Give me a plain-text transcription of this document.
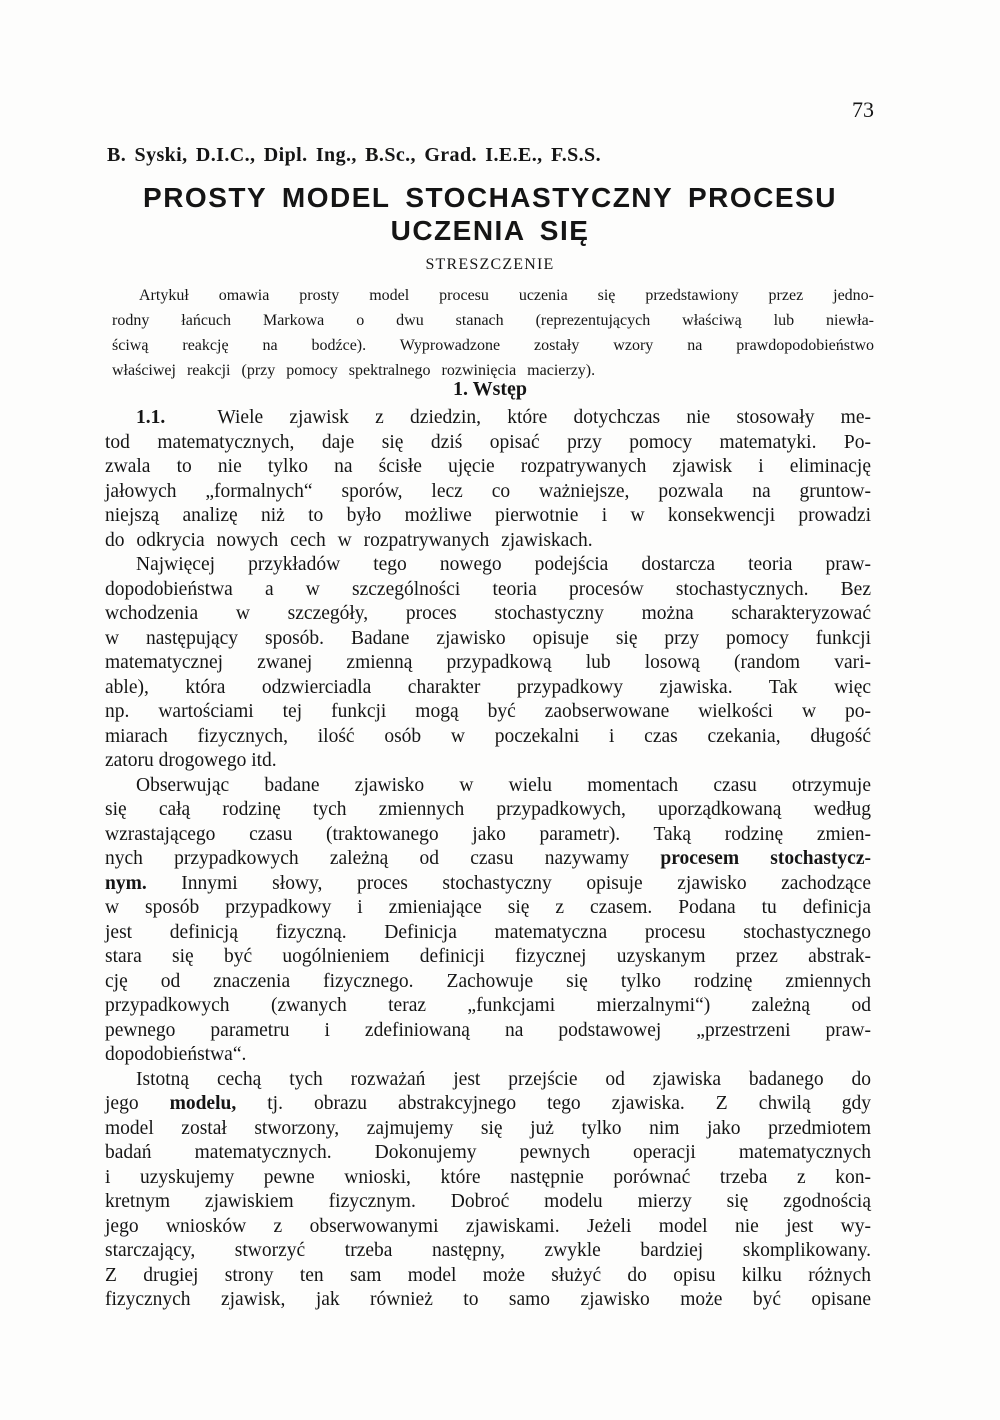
73
B. Syski, D.I.C., Dipl. Ing., B.Sc., Grad. I.E.E., F.S.S.
PROSTY MODEL STOCHASTYCZNY PROCESU
UCZENIA SIĘ
STRESZCZENIE
Artykuł omawia prosty model procesu uczenia się przedstawiony przez jedno-
rodny łańcuch Markowa o dwu stanach (reprezentujących właściwą lub niewła-
ściwą reakcję na bodźce). Wyprowadzone zostały wzory na prawdopodobieństwo
właściwej reakcji (przy pomocy spektralnego rozwinięcia macierzy).
1. Wstęp
1.1.  Wiele zjawisk z dziedzin, które dotychczas nie stosowały me-
tod matematycznych, daje się dziś opisać przy pomocy matematyki. Po-
zwala to nie tylko na ścisłe ujęcie rozpatrywanych zjawisk i eliminację
jałowych „formalnych“ sporów, lecz co ważniejsze, pozwala na gruntow-
niejszą analizę niż to było możliwe pierwotnie i w konsekwencji prowadzi
do odkrycia nowych cech w rozpatrywanych zjawiskach.
Najwięcej przykładów tego nowego podejścia dostarcza teoria praw-
dopodobieństwa a w szczególności teoria procesów stochastycznych. Bez
wchodzenia w szczegóły, proces stochastyczny można scharakteryzować
w następujący sposób. Badane zjawisko opisuje się przy pomocy funkcji
matematycznej zwanej zmienną przypadkową lub losową (random vari-
able), która odzwierciadla charakter przypadkowy zjawiska. Tak więc
np. wartościami tej funkcji mogą być zaobserwowane wielkości w po-
miarach fizycznych, ilość osób w poczekalni i czas czekania, długość
zatoru drogowego itd.
Obserwując badane zjawisko w wielu momentach czasu otrzymuje
się całą rodzinę tych zmiennych przypadkowych, uporządkowaną według
wzrastającego czasu (traktowanego jako parametr). Taką rodzinę zmien-
nych przypadkowych zależną od czasu nazywamy procesem stochastycz-
nym. Innymi słowy, proces stochastyczny opisuje zjawisko zachodzące
w sposób przypadkowy i zmieniające się z czasem. Podana tu definicja
jest definicją fizyczną. Definicja matematyczna procesu stochastycznego
stara się być uogólnieniem definicji fizycznej uzyskanym przez abstrak-
cję od znaczenia fizycznego. Zachowuje się tylko rodzinę zmiennych
przypadkowych (zwanych teraz „funkcjami mierzalnymi“) zależną od
pewnego parametru i zdefiniowaną na podstawowej „przestrzeni praw-
dopodobieństwa“.
Istotną cechą tych rozważań jest przejście od zjawiska badanego do
jego modelu, tj. obrazu abstrakcyjnego tego zjawiska. Z chwilą gdy
model został stworzony, zajmujemy się już tylko nim jako przedmiotem
badań matematycznych. Dokonujemy pewnych operacji matematycznych
i uzyskujemy pewne wnioski, które następnie porównać trzeba z kon-
kretnym zjawiskiem fizycznym. Dobroć modelu mierzy się zgodnością
jego wniosków z obserwowanymi zjawiskami. Jeżeli model nie jest wy-
starczający, stworzyć trzeba następny, zwykle bardziej skomplikowany.
Z drugiej strony ten sam model może służyć do opisu kilku różnych
fizycznych zjawisk, jak również to samo zjawisko może być opisane
